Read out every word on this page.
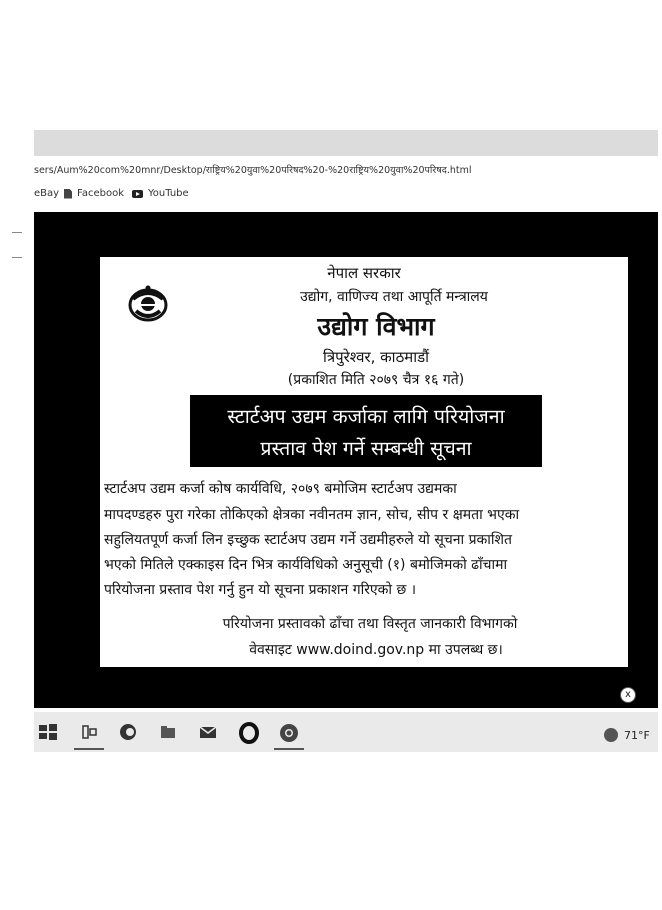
sers/Aum%20com%20mnr/Desktop/राष्ट्रिय%20युवा%20परिषद%20-%20राष्ट्रिय%20युवा%20परिषद.html
eBay Facebook YouTube
नेपाल सरकार
उद्योग, वाणिज्य तथा आपूर्ति मन्त्रालय
उद्योग विभाग
त्रिपुरेश्वर, काठमाडौं
(प्रकाशित मिति २०७९ चैत्र १६ गते)
स्टार्टअप उद्यम कर्जाका लागि परियोजना
प्रस्ताव पेश गर्ने सम्बन्धी सूचना
स्टार्टअप उद्यम कर्जा कोष कार्यविधि, २०७९ बमोजिम स्टार्टअप उद्यमका
मापदण्डहरु पुरा गरेका तोकिएको क्षेत्रका नवीनतम ज्ञान, सोच, सीप र क्षमता भएका
सहुलियतपूर्ण कर्जा लिन इच्छुक स्टार्टअप उद्यम गर्ने उद्यमीहरुले यो सूचना प्रकाशित
भएको मितिले एक्काइस दिन भित्र कार्यविधिको अनुसूची (१) बमोजिमको ढाँचामा
परियोजना प्रस्ताव पेश गर्नु हुन यो सूचना प्रकाशन गरिएको छ ।
परियोजना प्रस्तावको ढाँचा तथा विस्तृत जानकारी विभागको
वेवसाइट www.doind.gov.np मा उपलब्ध छ।
x
71°F
